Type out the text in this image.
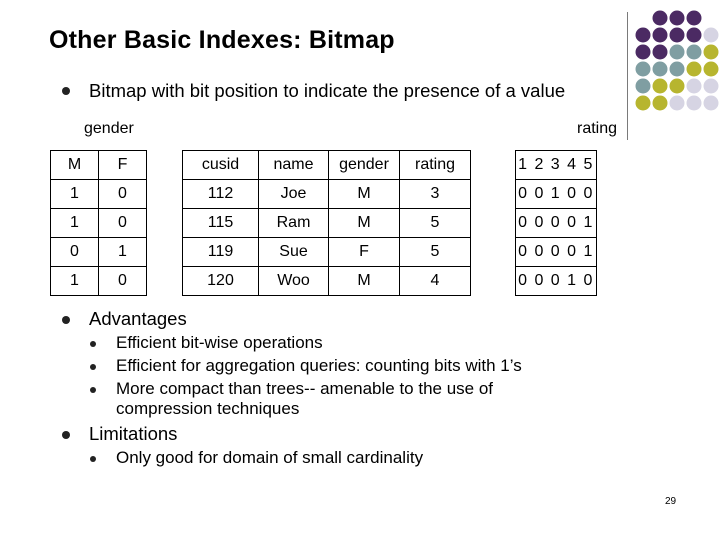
Other Basic Indexes: Bitmap
Bitmap with bit position to indicate the presence of a value
gender	rating
M	F
1	0
1	0
0	1
1	0
cusid	name	gender	rating
112	Joe	M	3
115	Ram	M	5
119	Sue	F	5
120	Woo	M	4
1 2 3 4 5
0 0 1 0 0
0 0 0 0 1
0 0 0 0 1
0 0 0 1 0
Advantages
Efficient bit-wise operations
Efficient for aggregation queries: counting bits with 1’s
More compact than trees-- amenable to the use of
compression techniques
Limitations
Only good for domain of small cardinality
29
